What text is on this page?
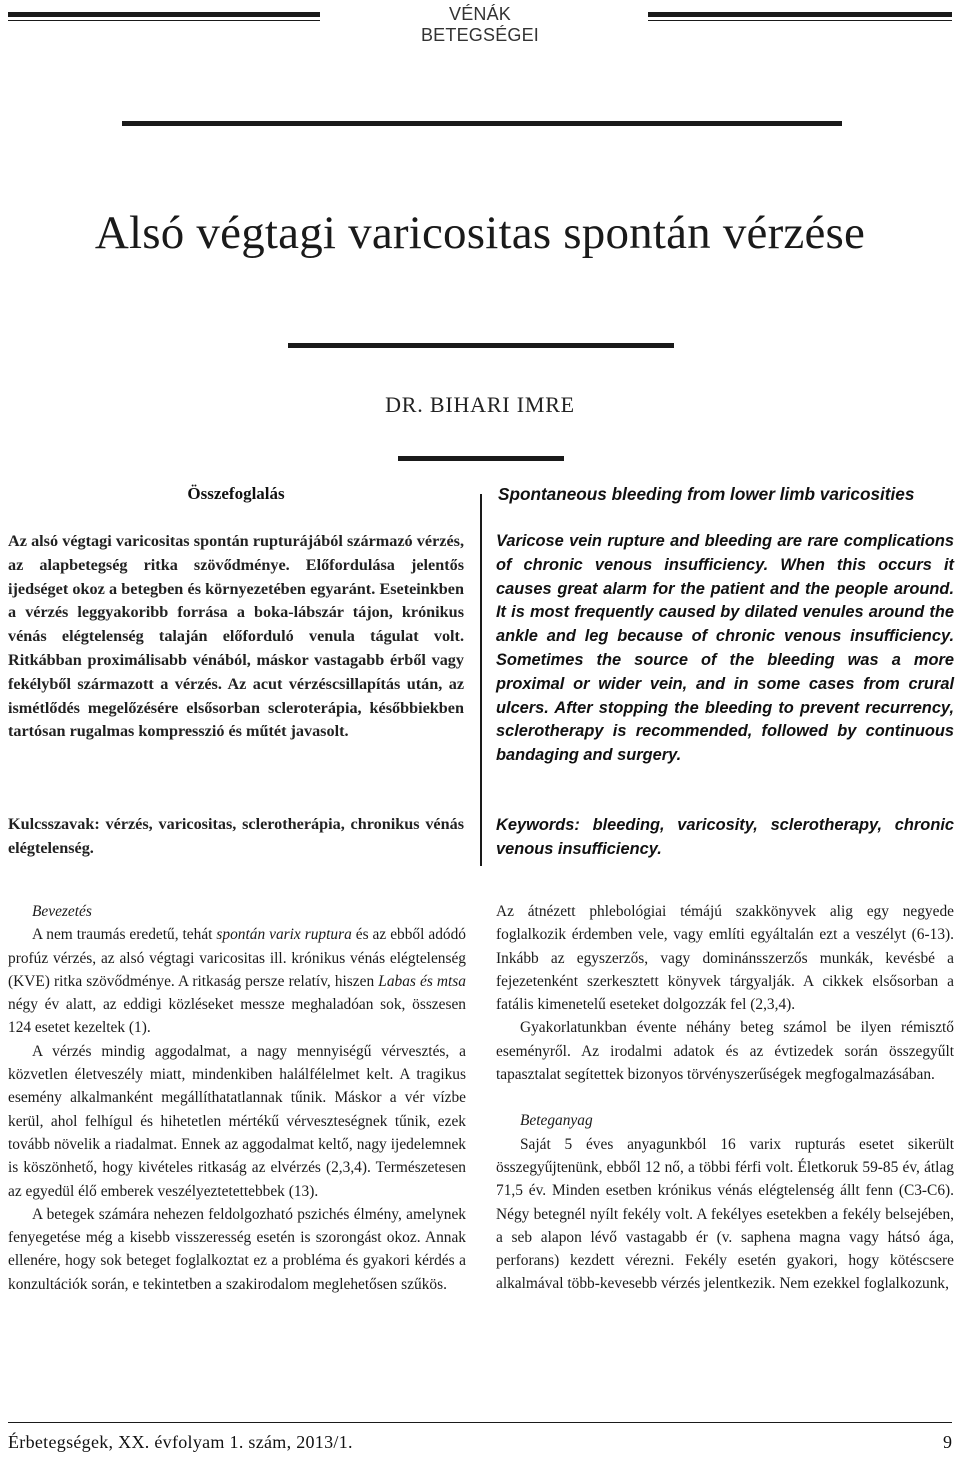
VÉNÁK BETEGSÉGEI
Alsó végtagi varicositas spontán vérzése
DR. BIHARI IMRE
Összefoglalás

Az alsó végtagi varicositas spontán rupturájából származó vérzés, az alapbetegség ritka szövődménye. Előfordulása jelentős ijedséget okoz a betegben és környezetében egyaránt. Eseteinkben a vérzés leggyakoribb forrása a boka-lábszár tájon, krónikus vénás elégtelenség talaján előforduló venula tágulat volt. Ritkábban proximálisabb vénából, máskor vastagabb érből vagy fekélyből származott a vérzés. Az acut vérzéscsillapítás után, az ismétlődés megelőzésére elsősorban scleroterápia, későbbiekben tartósan rugalmas kompresszió és műtét javasolt.

Kulcsszavak: vérzés, varicositas, sclerotherápia, chronikus vénás elégtelenség.

Spontaneous bleeding from lower limb varicosities

Varicose vein rupture and bleeding are rare complications of chronic venous insufficiency. When this occurs it causes great alarm for the patient and the people around. It is most frequently caused by dilated venules around the ankle and leg because of chronic venous insufficiency. Sometimes the source of the bleeding was a more proximal or wider vein, and in some cases from crural ulcers. After stopping the bleeding to prevent recurrency, sclerotherapy is recommended, followed by continuous bandaging and surgery.

Keywords: bleeding, varicosity, sclerotherapy, chronic venous insufficiency.

Bevezetés

A nem traumás eredetű, tehát spontán varix ruptura és az ebből adódó profúz vérzés, az alsó végtagi varicositas ill. krónikus vénás elégtelenség (KVE) ritka szövődménye. A ritkaság persze relatív, hiszen Labas és mtsa négy év alatt, az eddigi közléseket messze meghaladóan sok, összesen 124 esetet kezeltek (1).

A vérzés mindig aggodalmat, a nagy mennyiségű vérvesztés, a közvetlen életveszély miatt, mindenkiben halálfélelmet kelt. A tragikus esemény alkalmanként megállíthatatlannak tűnik. Máskor a vér vízbe kerül, ahol felhígul és hihetetlen mértékű vérveszteségnek tűnik, ezek tovább növelik a riadalmat. Ennek az aggodalmat keltő, nagy ijedelemnek is köszönhető, hogy kivételes ritkaság az elvérzés (2,3,4). Természetesen az egyedül élő emberek veszélyeztetettebbek (13).

A betegek számára nehezen feldolgozható pszichés élmény, amelynek fenyegetése még a kisebb visszeresség esetén is szorongást okoz. Annak ellenére, hogy sok beteget foglalkoztat ez a probléma és gyakori kérdés a konzultációk során, e tekintetben a szakirodalom meglehetősen szűkös.

Az átnézett phlebológiai témájú szakkönyvek alig egy negyede foglalkozik érdemben vele, vagy említi egyáltalán ezt a veszélyt (6-13). Inkább az egyszerzős, vagy dominánsszerzős munkák, kevésbé a fejezetenként szerkesztett könyvek tárgyalják. A cikkek elsősorban a fatális kimenetelű eseteket dolgozzák fel (2,3,4).

Gyakorlatunkban évente néhány beteg számol be ilyen rémisztő eseményről. Az irodalmi adatok és az évtizedek során összegyűlt tapasztalat segítettek bizonyos törvényszerűségek megfogalmazásában.

Beteganyag

Saját 5 éves anyagunkból 16 varix rupturás esetet sikerült összegyűjtenünk, ebből 12 nő, a többi férfi volt. Életkoruk 59-85 év, átlag 71,5 év. Minden esetben krónikus vénás elégtelenség állt fenn (C3-C6). Négy betegnél nyílt fekély volt. A fekélyes esetekben a fekély belsejében, a seb alapon lévő vastagabb ér (v. saphena magna vagy hátsó ága, perforans) kezdett vérezni. Fekély esetén gyakori, hogy kötéscsere alkalmával több-kevesebb vérzés jelentkezik. Nem ezekkel foglalkozunk,

Érbetegségek, XX. évfolyam 1. szám, 2013/1.	9
